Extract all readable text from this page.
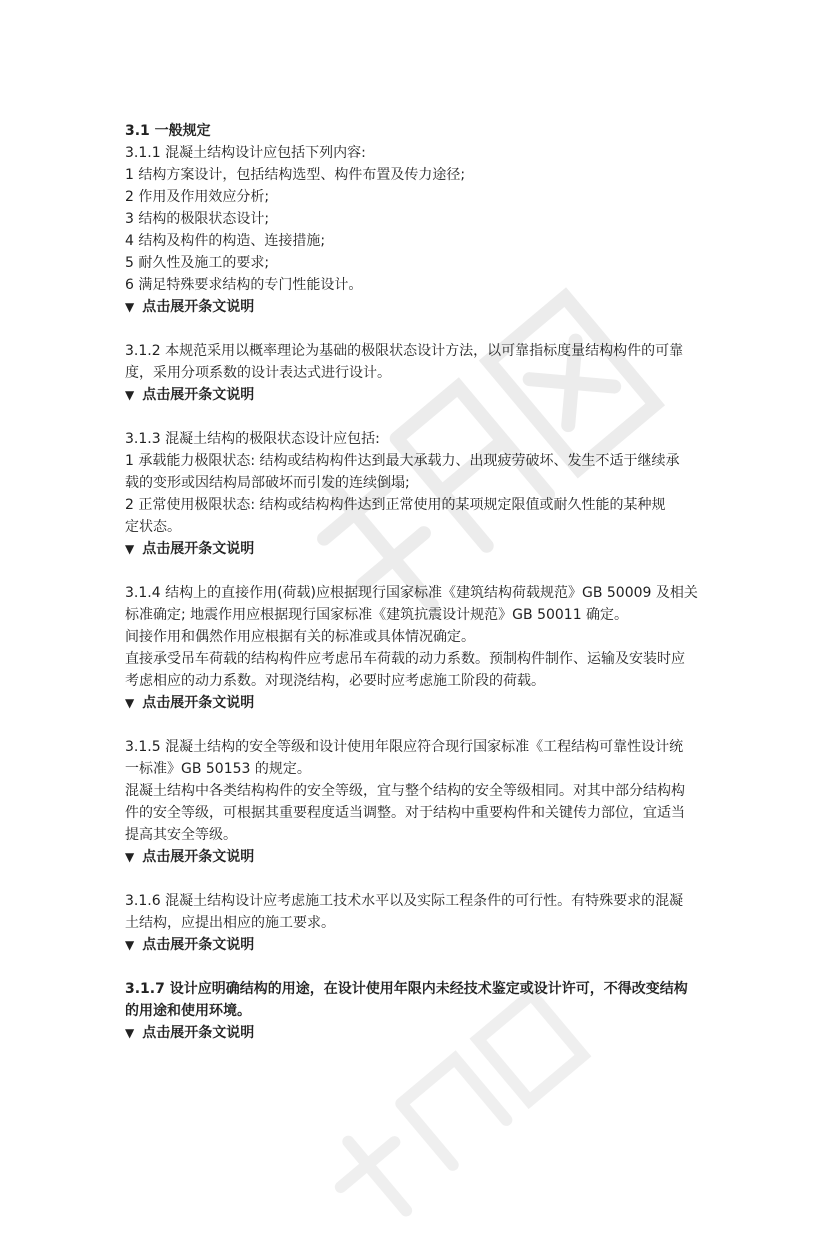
3.1 一般规定

3.1.1 混凝土结构设计应包括下列内容:

1 结构方案设计，包括结构选型、构件布置及传力途径;

2 作用及作用效应分析;

3 结构的极限状态设计;

4 结构及构件的构造、连接措施;

5 耐久性及施工的要求;

6 满足特殊要求结构的专门性能设计。

▼ 点击展开条文说明

3.1.2 本规范采用以概率理论为基础的极限状态设计方法，以可靠指标度量结构构件的可靠

度，采用分项系数的设计表达式进行设计。

▼ 点击展开条文说明

3.1.3 混凝土结构的极限状态设计应包括:

1 承载能力极限状态: 结构或结构构件达到最大承载力、出现疲劳破坏、发生不适于继续承

载的变形或因结构局部破坏而引发的连续倒塌;

2 正常使用极限状态: 结构或结构构件达到正常使用的某项规定限值或耐久性能的某种规

定状态。

▼ 点击展开条文说明

3.1.4 结构上的直接作用(荷载)应根据现行国家标准《建筑结构荷载规范》GB 50009 及相关

标准确定; 地震作用应根据现行国家标准《建筑抗震设计规范》GB 50011 确定。

间接作用和偶然作用应根据有关的标准或具体情况确定。

直接承受吊车荷载的结构构件应考虑吊车荷载的动力系数。预制构件制作、运输及安装时应

考虑相应的动力系数。对现浇结构，必要时应考虑施工阶段的荷载。

▼ 点击展开条文说明

3.1.5 混凝土结构的安全等级和设计使用年限应符合现行国家标准《工程结构可靠性设计统

一标准》GB 50153 的规定。

混凝土结构中各类结构构件的安全等级，宜与整个结构的安全等级相同。对其中部分结构构

件的安全等级，可根据其重要程度适当调整。对于结构中重要构件和关键传力部位，宜适当

提高其安全等级。

▼ 点击展开条文说明

3.1.6 混凝土结构设计应考虑施工技术水平以及实际工程条件的可行性。有特殊要求的混凝

土结构，应提出相应的施工要求。

▼ 点击展开条文说明

3.1.7 设计应明确结构的用途，在设计使用年限内未经技术鉴定或设计许可，不得改变结构

的用途和使用环境。

▼ 点击展开条文说明
